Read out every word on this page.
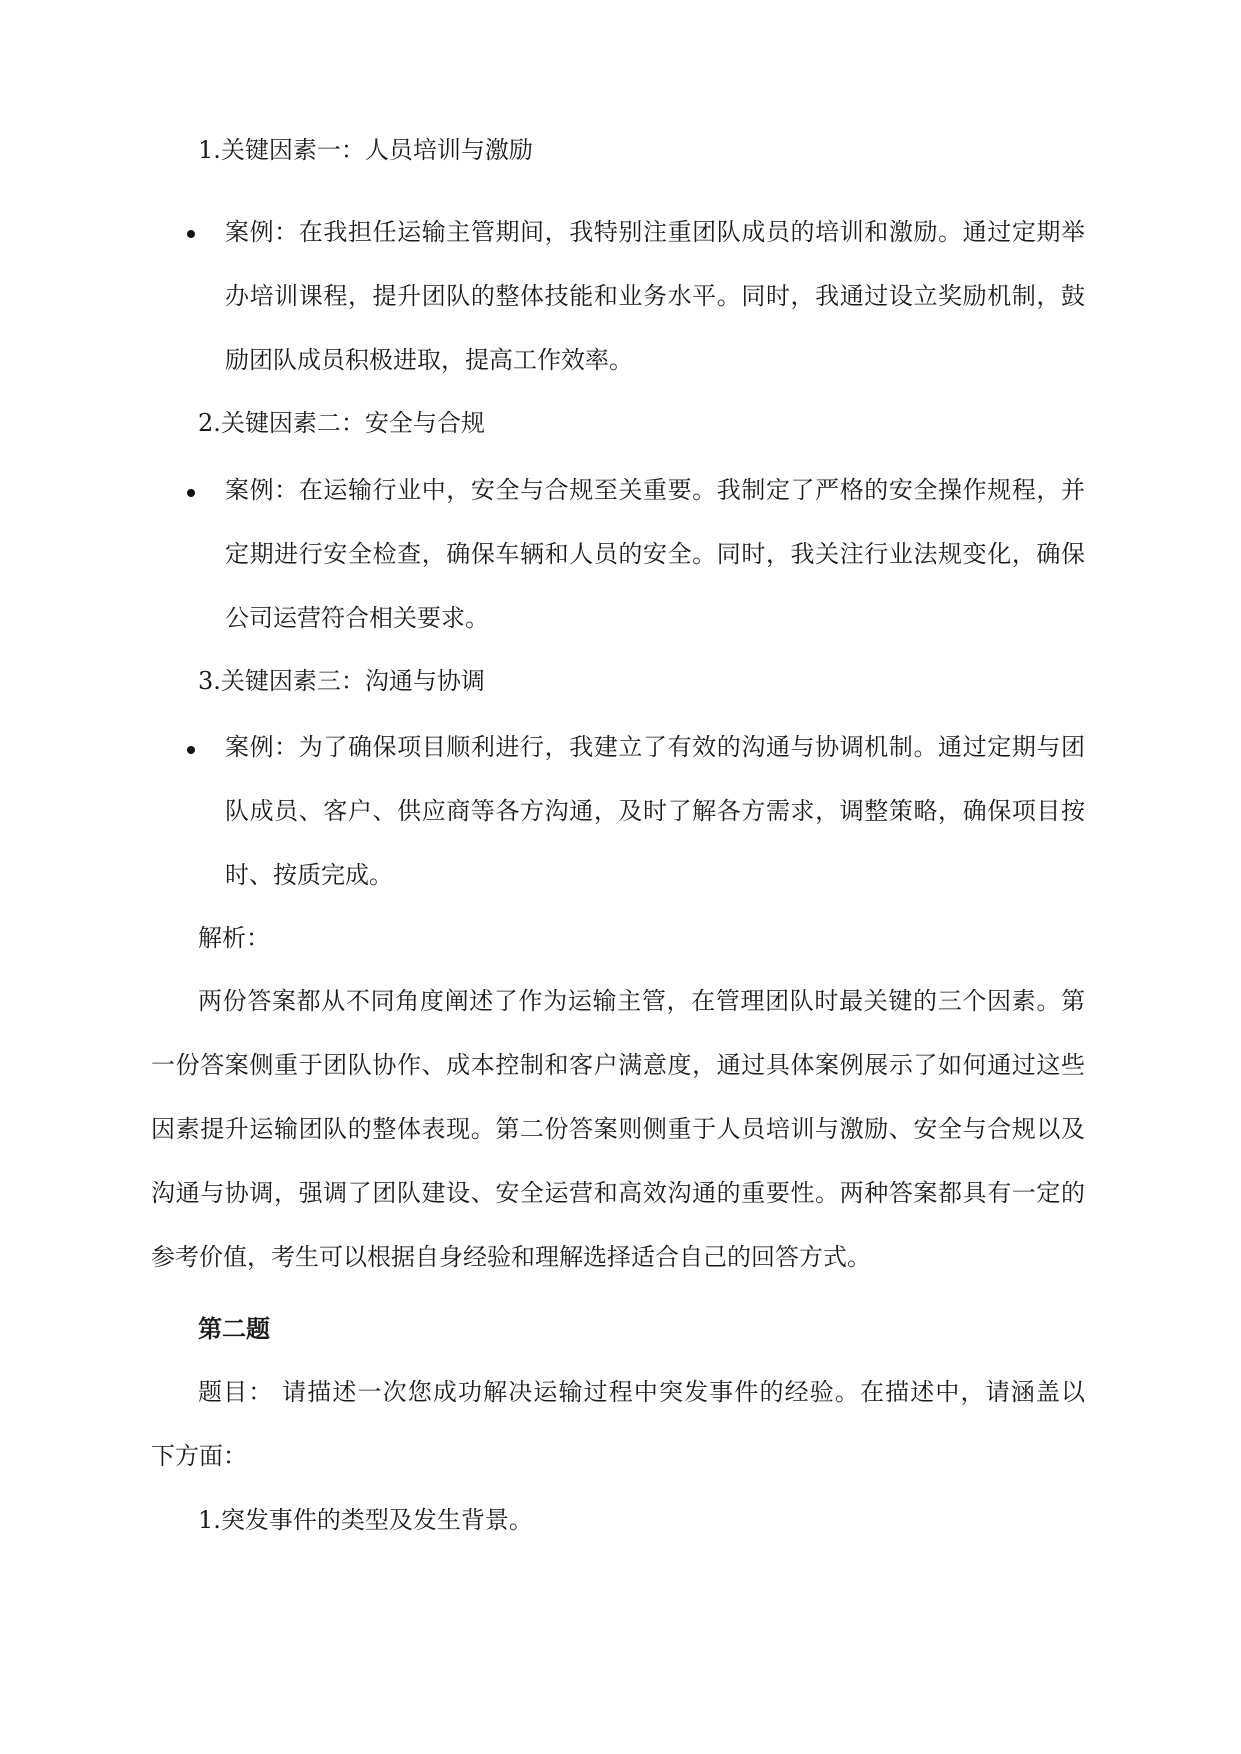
1.关键因素一：人员培训与激励
案例：在我担任运输主管期间，我特别注重团队成员的培训和激励。通过定期举
办培训课程，提升团队的整体技能和业务水平。同时，我通过设立奖励机制，鼓
励团队成员积极进取，提高工作效率。
2.关键因素二：安全与合规
案例：在运输行业中，安全与合规至关重要。我制定了严格的安全操作规程，并
定期进行安全检查，确保车辆和人员的安全。同时，我关注行业法规变化，确保
公司运营符合相关要求。
3.关键因素三：沟通与协调
案例：为了确保项目顺利进行，我建立了有效的沟通与协调机制。通过定期与团
队成员、客户、供应商等各方沟通，及时了解各方需求，调整策略，确保项目按
时、按质完成。
解析：
两份答案都从不同角度阐述了作为运输主管，在管理团队时最关键的三个因素。第
一份答案侧重于团队协作、成本控制和客户满意度，通过具体案例展示了如何通过这些
因素提升运输团队的整体表现。第二份答案则侧重于人员培训与激励、安全与合规以及
沟通与协调，强调了团队建设、安全运营和高效沟通的重要性。两种答案都具有一定的
参考价值，考生可以根据自身经验和理解选择适合自己的回答方式。
第二题
题目： 请描述一次您成功解决运输过程中突发事件的经验。在描述中，请涵盖以
下方面：
1.突发事件的类型及发生背景。
